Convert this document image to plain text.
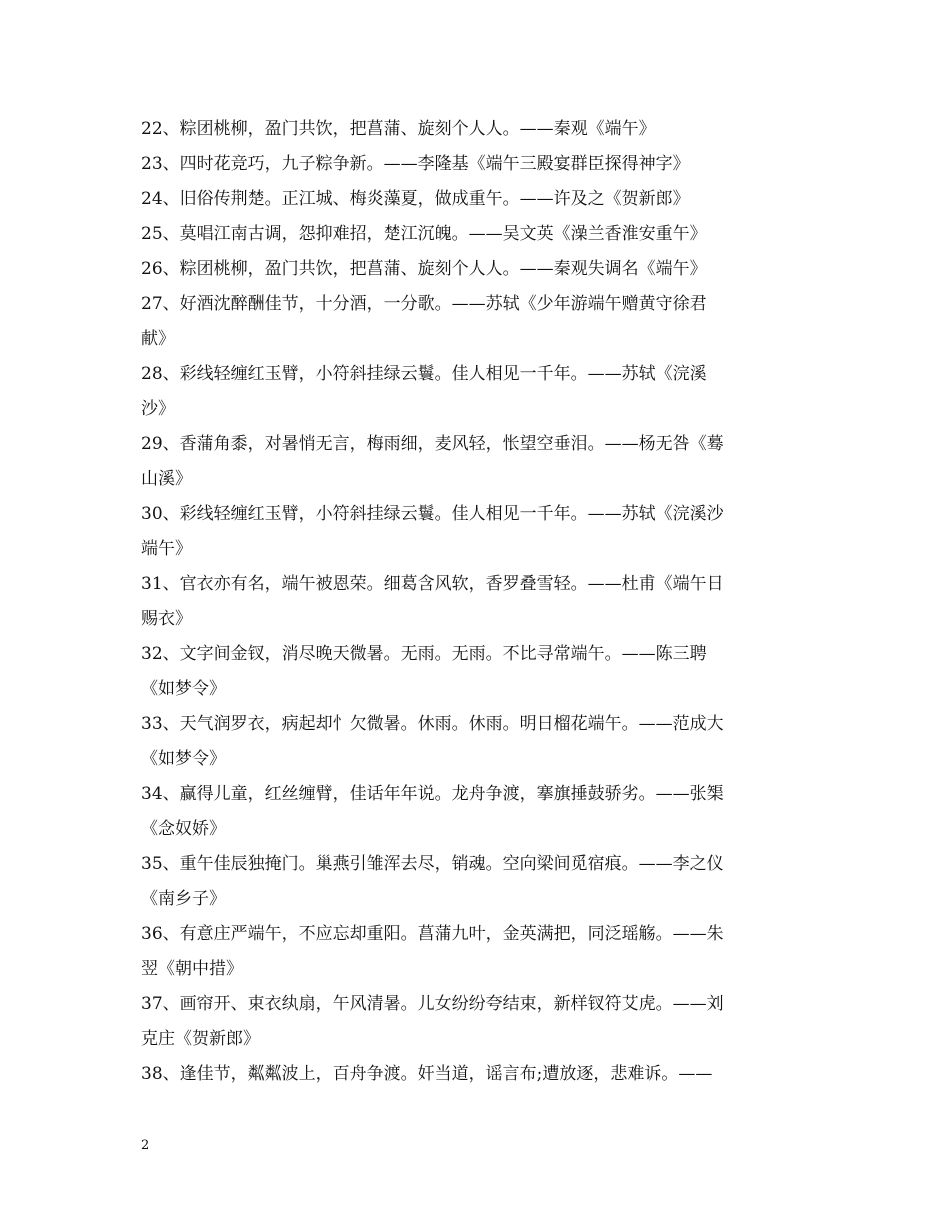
22、粽团桃柳，盈门共饮，把菖蒲、旋刻个人人。——秦观《端午》
23、四时花竞巧，九子粽争新。——李隆基《端午三殿宴群臣探得神字》
24、旧俗传荆楚。正江城、梅炎藻夏，做成重午。——许及之《贺新郎》
25、莫唱江南古调，怨抑难招，楚江沉魄。——吴文英《澡兰香淮安重午》
26、粽团桃柳，盈门共饮，把菖蒲、旋刻个人人。——秦观失调名《端午》
27、好酒沈醉酬佳节，十分酒，一分歌。——苏轼《少年游端午赠黄守徐君
献》
28、彩线轻缠红玉臂，小符斜挂绿云鬟。佳人相见一千年。——苏轼《浣溪
沙》
29、香蒲角黍，对暑悄无言，梅雨细，麦风轻，怅望空垂泪。——杨无咎《蓦
山溪》
30、彩线轻缠红玉臂，小符斜挂绿云鬟。佳人相见一千年。——苏轼《浣溪沙
端午》
31、官衣亦有名，端午被恩荣。细葛含风软，香罗叠雪轻。——杜甫《端午日
赐衣》
32、文字间金钗，消尽晚天微暑。无雨。无雨。不比寻常端午。——陈三聘
《如梦令》
33、天气润罗衣，病起却忄欠微暑。休雨。休雨。明日榴花端午。——范成大
《如梦令》
34、赢得儿童，红丝缠臂，佳话年年说。龙舟争渡，搴旗捶鼓骄劣。——张榘
《念奴娇》
35、重午佳辰独掩门。巢燕引雏浑去尽，销魂。空向梁间觅宿痕。——李之仪
《南乡子》
36、有意庄严端午，不应忘却重阳。菖蒲九叶，金英满把，同泛瑶觞。——朱
翌《朝中措》
37、画帘开、束衣纨扇，午风清暑。儿女纷纷夸结束，新样钗符艾虎。——刘
克庄《贺新郎》
38、逢佳节，粼粼波上，百舟争渡。奸当道，谣言布;遭放逐，悲难诉。——
2
